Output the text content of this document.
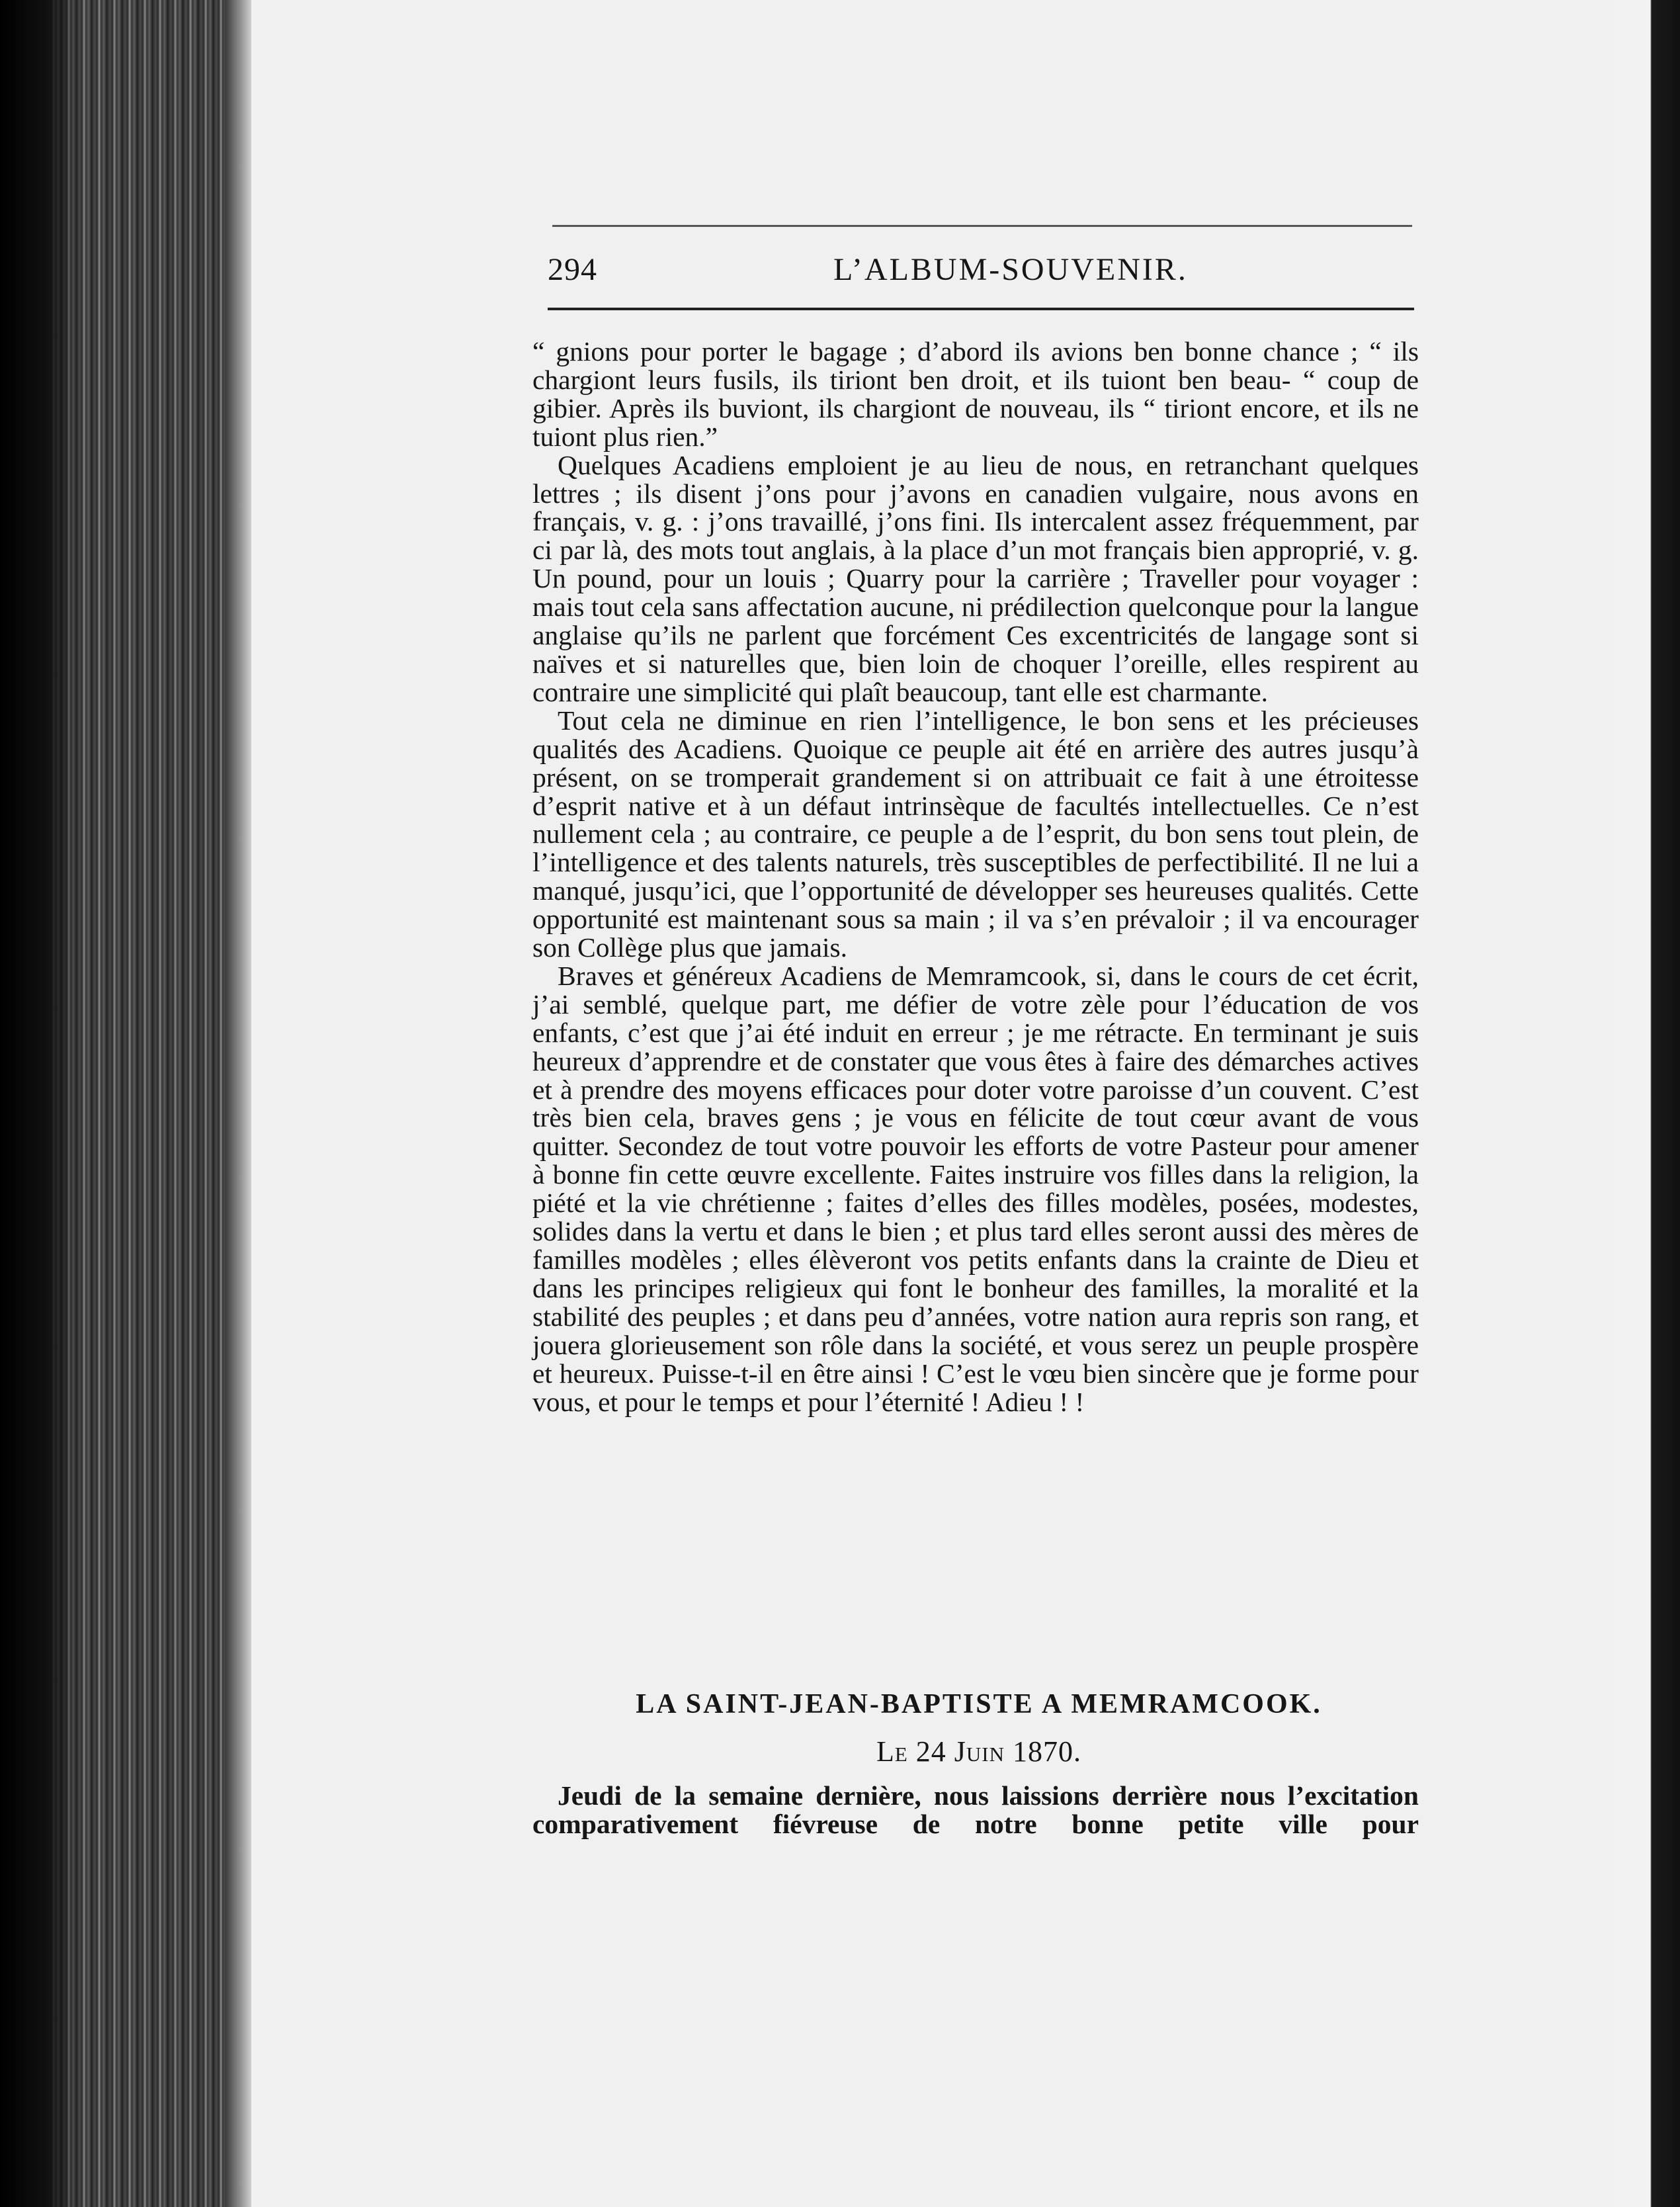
294	L’ALBUM-SOUVENIR.

“ gnions pour porter le bagage ; d’abord ils avions ben bonne chance ; “ ils chargiont leurs fusils, ils tiriont ben droit, et ils tuiont ben beau- “ coup de gibier. Après ils buviont, ils chargiont de nouveau, ils “ tiriont encore, et ils ne tuiont plus rien.”

Quelques Acadiens emploient je au lieu de nous, en retranchant quelques lettres ; ils disent j’ons pour j’avons en canadien vulgaire, nous avons en français, v. g. : j’ons travaillé, j’ons fini. Ils intercalent assez fréquemment, par ci par là, des mots tout anglais, à la place d’un mot français bien approprié, v. g. Un pound, pour un louis ; Quarry pour la carrière ; Traveller pour voyager : mais tout cela sans affectation aucune, ni prédilection quelconque pour la langue anglaise qu’ils ne parlent que forcément Ces excentricités de langage sont si naïves et si naturelles que, bien loin de choquer l’oreille, elles respirent au contraire une simplicité qui plaît beaucoup, tant elle est charmante.

Tout cela ne diminue en rien l’intelligence, le bon sens et les précieuses qualités des Acadiens. Quoique ce peuple ait été en arrière des autres jusqu’à présent, on se tromperait grandement si on attribuait ce fait à une étroitesse d’esprit native et à un défaut intrinsèque de facultés intellectuelles. Ce n’est nullement cela ; au contraire, ce peuple a de l’esprit, du bon sens tout plein, de l’intelligence et des talents naturels, très susceptibles de perfectibilité. Il ne lui a manqué, jusqu’ici, que l’opportunité de développer ses heureuses qualités. Cette opportunité est maintenant sous sa main ; il va s’en prévaloir ; il va encourager son Collège plus que jamais.

Braves et généreux Acadiens de Memramcook, si, dans le cours de cet écrit, j’ai semblé, quelque part, me défier de votre zèle pour l’éducation de vos enfants, c’est que j’ai été induit en erreur ; je me rétracte. En terminant je suis heureux d’apprendre et de constater que vous êtes à faire des démarches actives et à prendre des moyens efficaces pour doter votre paroisse d’un couvent. C’est très bien cela, braves gens ; je vous en félicite de tout cœur avant de vous quitter. Secondez de tout votre pouvoir les efforts de votre Pasteur pour amener à bonne fin cette œuvre excellente. Faites instruire vos filles dans la religion, la piété et la vie chrétienne ; faites d’elles des filles modèles, posées, modestes, solides dans la vertu et dans le bien ; et plus tard elles seront aussi des mères de familles modèles ; elles élèveront vos petits enfants dans la crainte de Dieu et dans les principes religieux qui font le bonheur des familles, la moralité et la stabilité des peuples ; et dans peu d’années, votre nation aura repris son rang, et jouera glorieusement son rôle dans la société, et vous serez un peuple prospère et heureux. Puisse-t-il en être ainsi ! C’est le vœu bien sincère que je forme pour vous, et pour le temps et pour l’éternité ! Adieu ! !

LA SAINT-JEAN-BAPTISTE A MEMRAMCOOK.
Le 24 Juin 1870.

Jeudi de la semaine dernière, nous laissions derrière nous l’excitation comparativement fiévreuse de notre bonne petite ville pour
